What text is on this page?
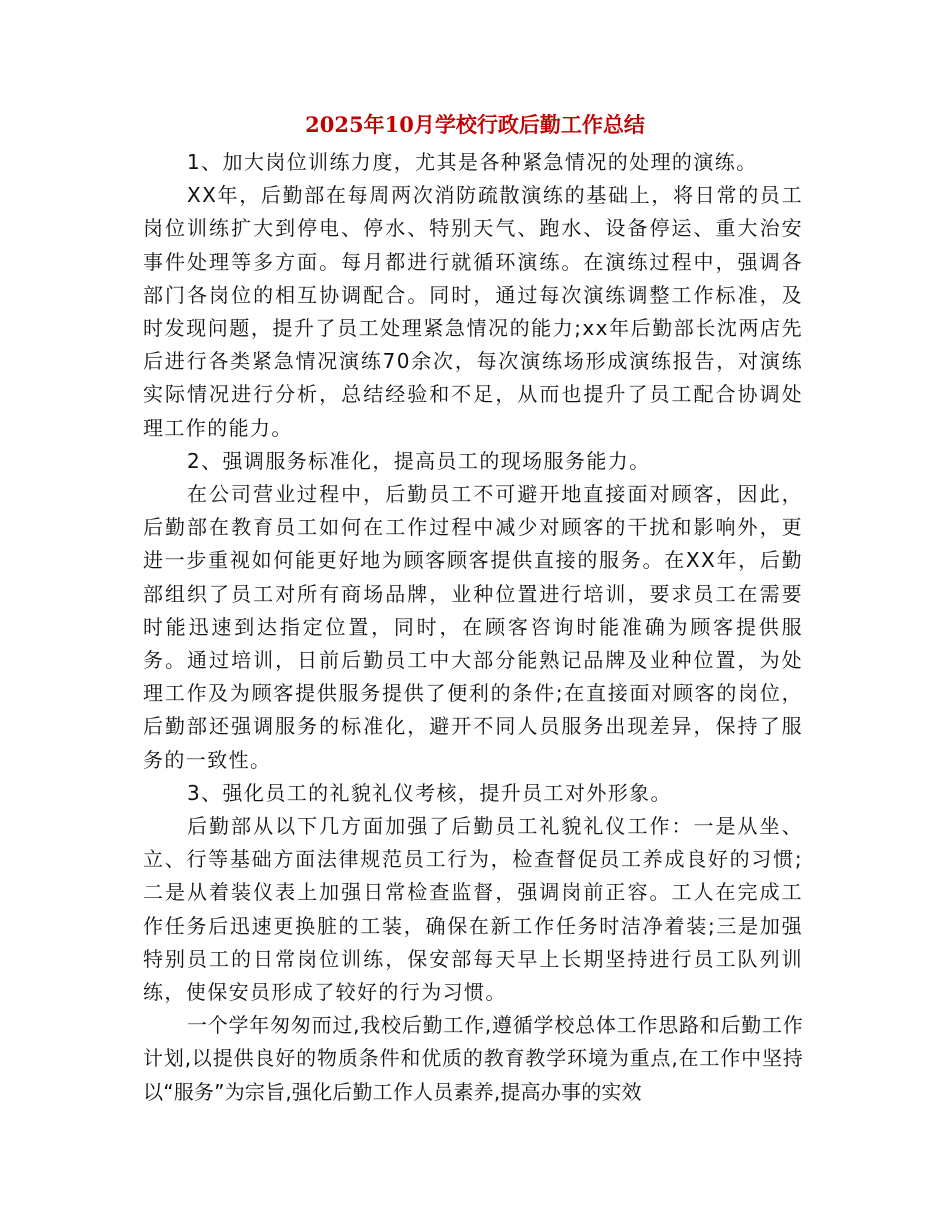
2025年10月学校行政后勤工作总结

1、加大岗位训练力度，尤其是各种紧急情况的处理的演练。

XX年，后勤部在每周两次消防疏散演练的基础上，将日常的员工岗位训练扩大到停电、停水、特别天气、跑水、设备停运、重大治安事件处理等多方面。每月都进行就循环演练。在演练过程中，强调各部门各岗位的相互协调配合。同时，通过每次演练调整工作标准，及时发现问题，提升了员工处理紧急情况的能力;xx年后勤部长沈两店先后进行各类紧急情况演练70余次，每次演练场形成演练报告，对演练实际情况进行分析，总结经验和不足，从而也提升了员工配合协调处理工作的能力。

2、强调服务标准化，提高员工的现场服务能力。

在公司营业过程中，后勤员工不可避开地直接面对顾客，因此，后勤部在教育员工如何在工作过程中减少对顾客的干扰和影响外，更进一步重视如何能更好地为顾客顾客提供直接的服务。在XX年，后勤部组织了员工对所有商场品牌，业种位置进行培训，要求员工在需要时能迅速到达指定位置，同时，在顾客咨询时能准确为顾客提供服务。通过培训，日前后勤员工中大部分能熟记品牌及业种位置，为处理工作及为顾客提供服务提供了便利的条件;在直接面对顾客的岗位，后勤部还强调服务的标准化，避开不同人员服务出现差异，保持了服务的一致性。

3、强化员工的礼貌礼仪考核，提升员工对外形象。

后勤部从以下几方面加强了后勤员工礼貌礼仪工作：一是从坐、立、行等基础方面法律规范员工行为，检查督促员工养成良好的习惯;二是从着装仪表上加强日常检查监督，强调岗前正容。工人在完成工作任务后迅速更换脏的工装，确保在新工作任务时洁净着装;三是加强特别员工的日常岗位训练，保安部每天早上长期坚持进行员工队列训练，使保安员形成了较好的行为习惯。

一个学年匆匆而过,我校后勤工作,遵循学校总体工作思路和后勤工作计划,以提供良好的物质条件和优质的教育教学环境为重点,在工作中坚持以“服务”为宗旨,强化后勤工作人员素养,提高办事的实效
